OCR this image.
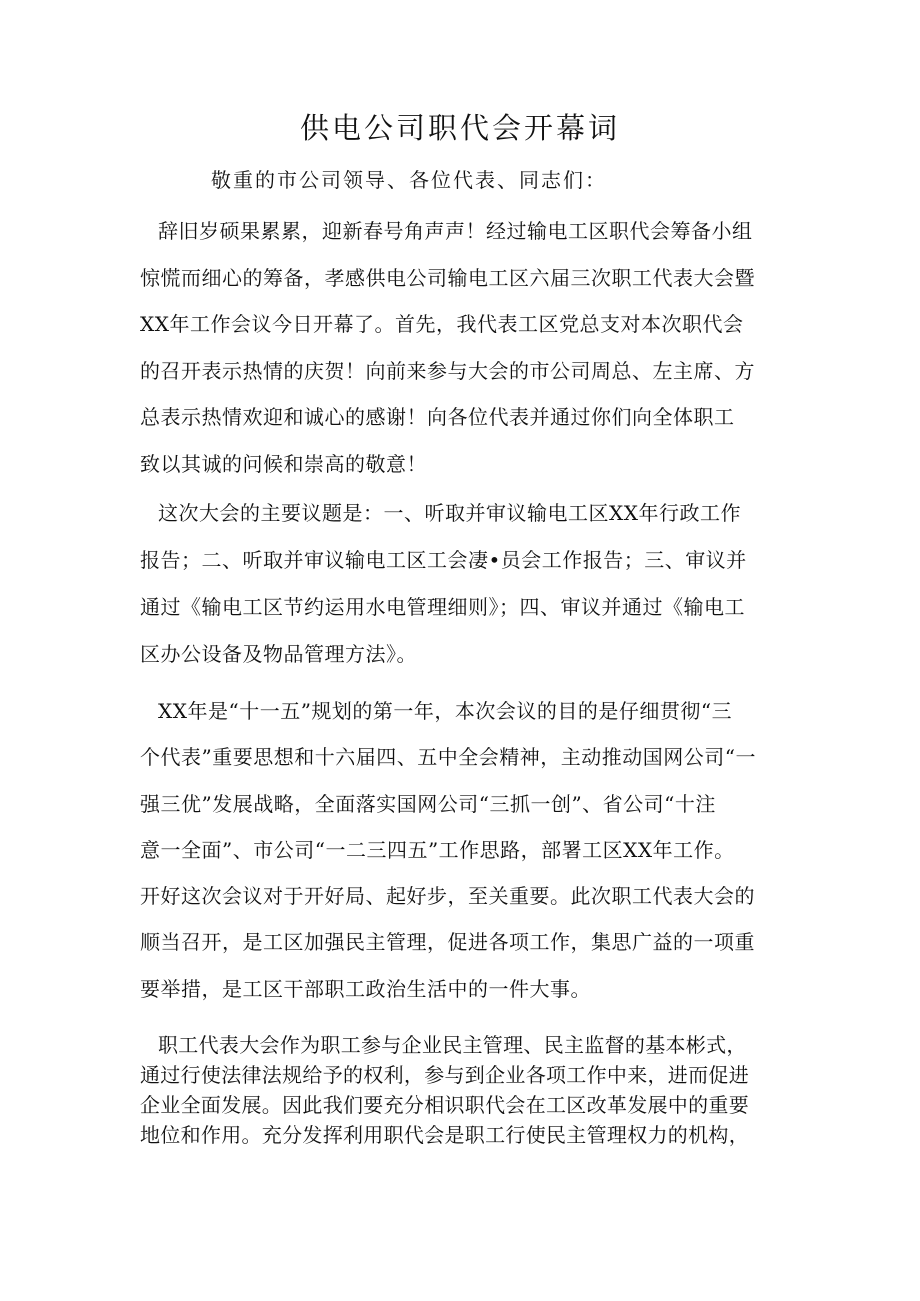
供电公司职代会开幕词

敬重的市公司领导、各位代表、同志们：

辞旧岁硕果累累，迎新春号角声声！经过输电工区职代会筹备小组
惊慌而细心的筹备，孝感供电公司输电工区六届三次职工代表大会暨
XX年工作会议今日开幕了。首先，我代表工区党总支对本次职代会
的召开表示热情的庆贺！向前来参与大会的市公司周总、左主席、方
总表示热情欢迎和诚心的感谢！向各位代表并通过你们向全体职工
致以其诚的问候和崇高的敬意！
这次大会的主要议题是：一、听取并审议输电工区XX年行政工作
报告；二、听取并审议输电工区工会凄•员会工作报告；三、审议并
通过《输电工区节约运用水电管理细则》；四、审议并通过《输电工
区办公设备及物品管理方法》。
XX年是“十一五”规划的第一年，本次会议的目的是仔细贯彻“三
个代表”重要思想和十六届四、五中全会精神，主动推动国网公司“一
强三优”发展战略，全面落实国网公司“三抓一创”、省公司“十注
意一全面”、市公司“一二三四五”工作思路，部署工区XX年工作。
开好这次会议对于开好局、起好步，至关重要。此次职工代表大会的
顺当召开，是工区加强民主管理，促进各项工作，集思广益的一项重
要举措，是工区干部职工政治生活中的一件大事。
职工代表大会作为职工参与企业民主管理、民主监督的基本彬式，
通过行使法律法规给予的权利，参与到企业各项工作中来，进而促进
企业全面发展。因此我们要充分相识职代会在工区改革发展中的重要
地位和作用。充分发挥利用职代会是职工行使民主管理权力的机构，
